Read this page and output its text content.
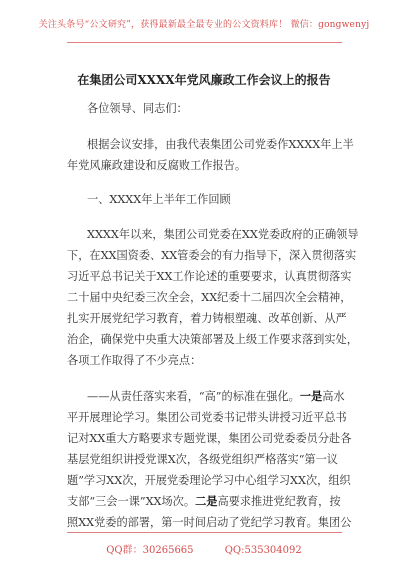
关注头条号“公文研究”，获得最新最全最专业的公文资料库！ 微信：gongwenyj
在集团公司XXXX年党风廉政工作会议上的报告
各位领导、同志们：
根据会议安排，由我代表集团公司党委作XXXX年上半
年党风廉政建设和反腐败工作报告。
一、XXXX年上半年工作回顾
XXXX年以来，集团公司党委在XX党委政府的正确领导
下，在XX国资委、XX管委会的有力指导下，深入贯彻落实
习近平总书记关于XX工作论述的重要要求，认真贯彻落实
二十届中央纪委三次全会，XX纪委十二届四次全会精神，
扎实开展党纪学习教育，着力铸根塑魂、改革创新、从严
治企，确保党中央重大决策部署及上级工作要求落到实处，
各项工作取得了不少亮点：
——从责任落实来看，“高”的标准在强化。一是高水
平开展理论学习。集团公司党委书记带头讲授习近平总书
记对XX重大方略要求专题党课，集团公司党委委员分赴各
基层党组织讲授党课X次，各级党组织严格落实“第一议
题”学习XX次，开展党委理论学习中心组学习XX次，组织
支部“三会一课”XX场次。二是高要求推进党纪教育，按
照XX党委的部署，第一时间启动了党纪学习教育。集团公
QQ群：30265665	QQ:535304092
